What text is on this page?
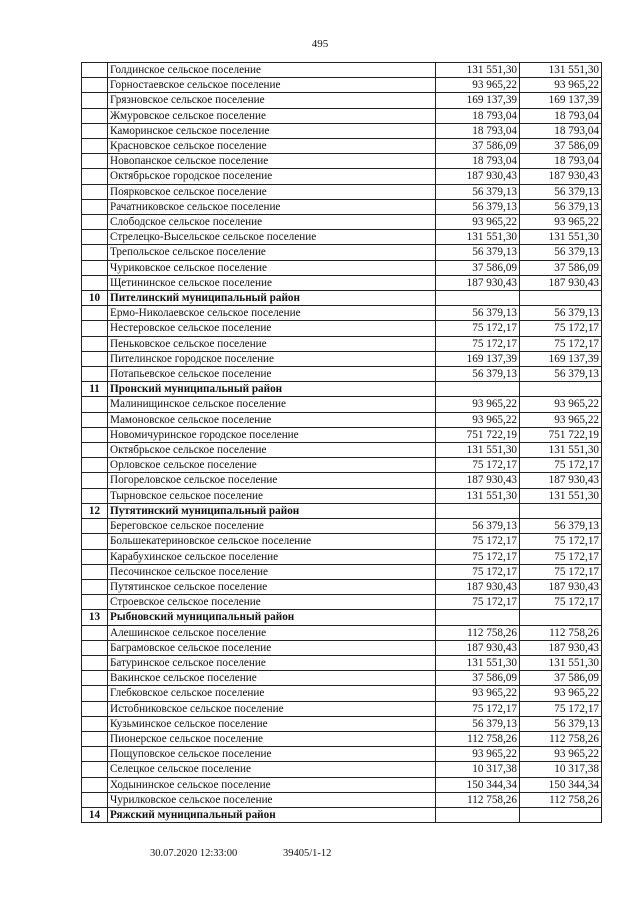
495
	Голдинское сельское поселение	131 551,30	131 551,30
	Горностаевское сельское поселение	93 965,22	93 965,22
	Грязновское сельское поселение	169 137,39	169 137,39
	Жмуровское сельское поселение	18 793,04	18 793,04
	Каморинское сельское поселение	18 793,04	18 793,04
	Красновское сельское поселение	37 586,09	37 586,09
	Новопанское сельское поселение	18 793,04	18 793,04
	Октябрьское городское поселение	187 930,43	187 930,43
	Поярковское сельское поселение	56 379,13	56 379,13
	Рачатниковское сельское поселение	56 379,13	56 379,13
	Слободское сельское поселение	93 965,22	93 965,22
	Стрелецко-Высельское сельское поселение	131 551,30	131 551,30
	Трепольское сельское поселение	56 379,13	56 379,13
	Чуриковское сельское поселение	37 586,09	37 586,09
	Щетининское сельское поселение	187 930,43	187 930,43
10	Пителинский муниципальный район		
	Ермо-Николаевское сельское поселение	56 379,13	56 379,13
	Нестеровское сельское поселение	75 172,17	75 172,17
	Пеньковское сельское поселение	75 172,17	75 172,17
	Пителинское городское поселение	169 137,39	169 137,39
	Потапьевское сельское поселение	56 379,13	56 379,13
11	Пронский муниципальный район		
	Малинищинское сельское поселение	93 965,22	93 965,22
	Мамоновское сельское поселение	93 965,22	93 965,22
	Новомичуринское городское поселение	751 722,19	751 722,19
	Октябрьское сельское поселение	131 551,30	131 551,30
	Орловское сельское поселение	75 172,17	75 172,17
	Погореловское сельское поселение	187 930,43	187 930,43
	Тырновское сельское поселение	131 551,30	131 551,30
12	Путятинский муниципальный район		
	Береговское сельское поселение	56 379,13	56 379,13
	Большекатериновское сельское поселение	75 172,17	75 172,17
	Карабухинское сельское поселение	75 172,17	75 172,17
	Песочинское сельское поселение	75 172,17	75 172,17
	Путятинское сельское поселение	187 930,43	187 930,43
	Строевское сельское поселение	75 172,17	75 172,17
13	Рыбновский муниципальный район		
	Алешинское сельское поселение	112 758,26	112 758,26
	Баграмовское сельское поселение	187 930,43	187 930,43
	Батуринское сельское поселение	131 551,30	131 551,30
	Вакинское сельское поселение	37 586,09	37 586,09
	Глебковское сельское поселение	93 965,22	93 965,22
	Истобниковское сельское поселение	75 172,17	75 172,17
	Кузьминское сельское поселение	56 379,13	56 379,13
	Пионерское сельское поселение	112 758,26	112 758,26
	Пощуповское сельское поселение	93 965,22	93 965,22
	Селецкое сельское поселение	10 317,38	10 317,38
	Ходынинское сельское поселение	150 344,34	150 344,34
	Чурилковское сельское поселение	112 758,26	112 758,26
14	Ряжский муниципальный район		
30.07.2020 12:33:00	39405/1-12
